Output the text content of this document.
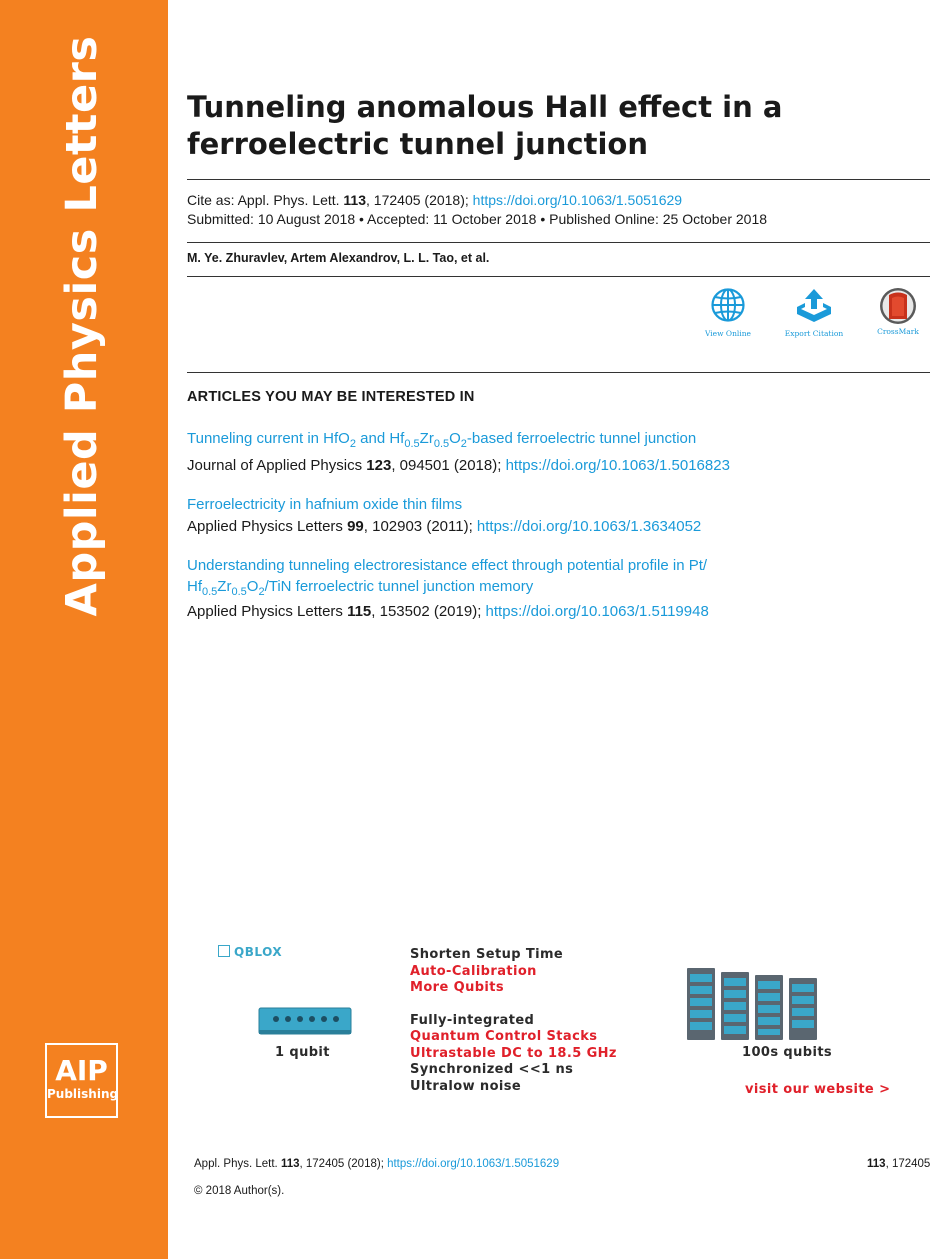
Applied Physics Letters
AIP
Publishing
Tunneling anomalous Hall effect in a ferroelectric tunnel junction
Cite as: Appl. Phys. Lett. 113, 172405 (2018); https://doi.org/10.1063/1.5051629
Submitted: 10 August 2018 • Accepted: 11 October 2018 • Published Online: 25 October 2018
M. Ye. Zhuravlev, Artem Alexandrov, L. L. Tao, et al.
View Online	Export Citation	CrossMark
ARTICLES YOU MAY BE INTERESTED IN
Tunneling current in HfO$_2$ and $Hf_{0.5}Zr_{0.5}O_2$-based ferroelectric tunnel junction
Journal of Applied Physics 123, 094501 (2018); https://doi.org/10.1063/1.5016823
Ferroelectricity in hafnium oxide thin films
Applied Physics Letters 99, 102903 (2011); https://doi.org/10.1063/1.3634052
Understanding tunneling electroresistance effect through potential profile in Pt/
$Hf_{0.5}Zr_{0.5}O_2$/TiN ferroelectric tunnel junction memory
Applied Physics Letters 115, 153502 (2019); https://doi.org/10.1063/1.5119948
QBLOX
1 qubit
Shorten Setup Time
Auto-Calibration
More Qubits
Fully-integrated
Quantum Control Stacks
Ultrastable DC to 18.5 GHz
Synchronized <<1 ns
Ultralow noise
100s qubits
visit our website >
Appl. Phys. Lett. 113, 172405 (2018); https://doi.org/10.1063/1.5051629	113, 172405
© 2018 Author(s).
